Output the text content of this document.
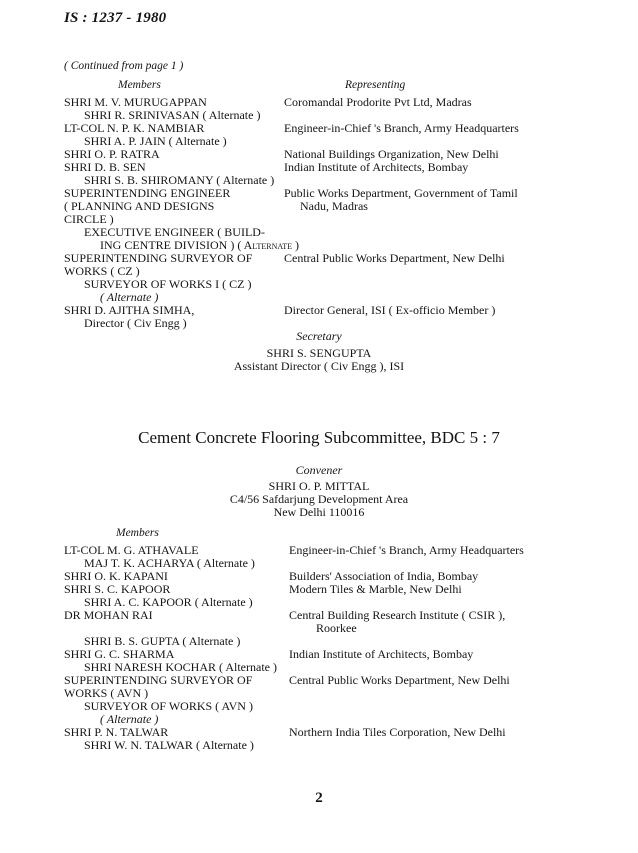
IS : 1237 - 1980
( Continued from page 1 )
Members	Representing
SHRI M. V. MURUGAPPAN
SHRI R. SRINIVASAN ( Alternate )
LT-COL N. P. K. NAMBIAR
SHRI A. P. JAIN ( Alternate )
SHRI O. P. RATRA
SHRI D. B. SEN
SHRI S. B. SHIROMANY ( Alternate )
SUPERINTENDING ENGINEER
( PLANNING AND DESIGNS
CIRCLE )
EXECUTIVE ENGINEER ( BUILD-
ING CENTRE DIVISION ) ( Alternate )
SUPERINTENDING SURVEYOR OF
WORKS ( CZ )
SURVEYOR OF WORKS I ( CZ )
( Alternate )
SHRI D. AJITHA SIMHA,
Director ( Civ Engg )
Coromandal Prodorite Pvt Ltd, Madras
Engineer-in-Chief 's Branch, Army Headquarters
National Buildings Organization, New Delhi
Indian Institute of Architects, Bombay
Public Works Department, Government of Tamil
Nadu, Madras
Central Public Works Department, New Delhi
Director General, ISI ( Ex-officio Member )
Secretary
SHRI S. SENGUPTA
Assistant Director ( Civ Engg ), ISI
Cement Concrete Flooring Subcommittee, BDC 5 : 7
Convener
SHRI O. P. MITTAL
C4/56 Safdarjung Development Area
New Delhi 110016
Members
LT-COL M. G. ATHAVALE
MAJ T. K. ACHARYA ( Alternate )
SHRI O. K. KAPANI
SHRI S. C. KAPOOR
SHRI A. C. KAPOOR ( Alternate )
DR MOHAN RAI
SHRI B. S. GUPTA ( Alternate )
SHRI G. C. SHARMA
SHRI NARESH KOCHAR ( Alternate )
SUPERINTENDING SURVEYOR OF
WORKS ( AVN )
SURVEYOR OF WORKS ( AVN )
( Alternate )
SHRI P. N. TALWAR
SHRI W. N. TALWAR ( Alternate )
Engineer-in-Chief 's Branch, Army Headquarters
Builders' Association of India, Bombay
Modern Tiles & Marble, New Delhi
Central Building Research Institute ( CSIR ),
Roorkee
Indian Institute of Architects, Bombay
Central Public Works Department, New Delhi
Northern India Tiles Corporation, New Delhi
2
